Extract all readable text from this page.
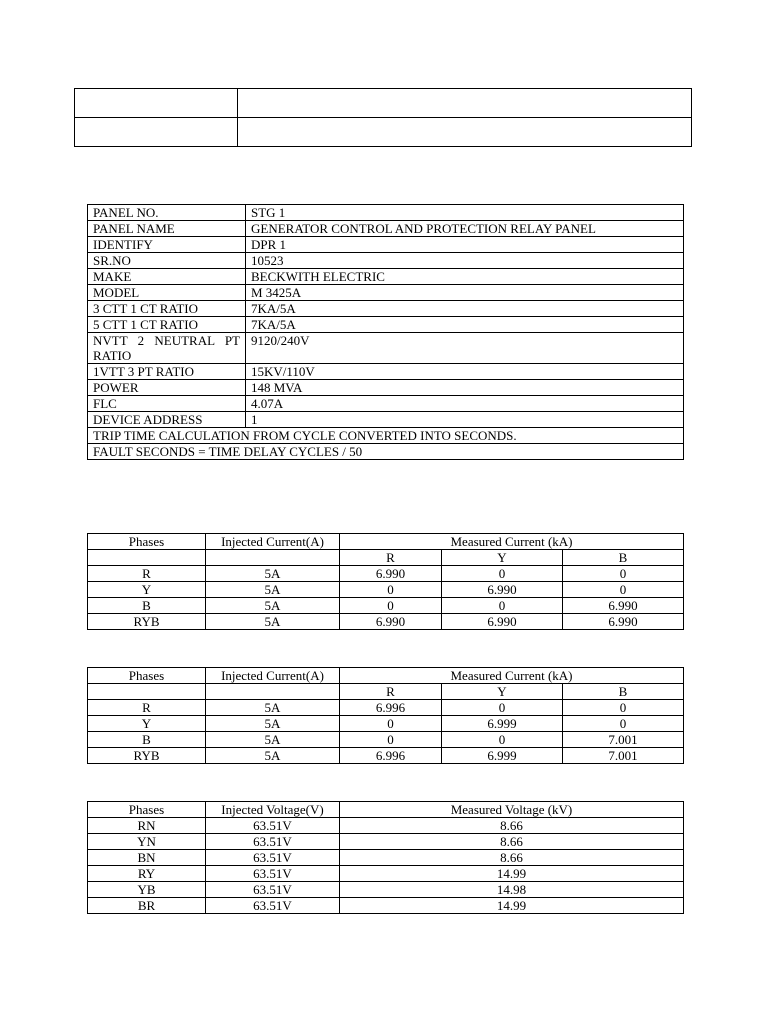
PANEL NO.	STG 1
PANEL NAME	GENERATOR CONTROL AND PROTECTION RELAY PANEL
IDENTIFY	DPR 1
SR.NO	10523
MAKE	BECKWITH ELECTRIC
MODEL	M 3425A
3 CTT 1 CT RATIO	7KA/5A
5 CTT 1 CT RATIO	7KA/5A
NVTT 2 NEUTRAL PT RATIO	9120/240V
1VTT 3 PT RATIO	15KV/110V
POWER	148 MVA
FLC	4.07A
DEVICE ADDRESS	1
TRIP TIME CALCULATION FROM CYCLE CONVERTED INTO SECONDS.	
FAULT SECONDS = TIME DELAY CYCLES / 50	
Phases	Injected Current(A)	Measured Current (kA)		
		R	Y	B
R	5A	6.990	0	0
Y	5A	0	6.990	0
B	5A	0	0	6.990
RYB	5A	6.990	6.990	6.990
Phases	Injected Current(A)	Measured Current (kA)		
		R	Y	B
R	5A	6.996	0	0
Y	5A	0	6.999	0
B	5A	0	0	7.001
RYB	5A	6.996	6.999	7.001
Phases	Injected Voltage(V)	Measured Voltage (kV)
RN	63.51V	8.66
YN	63.51V	8.66
BN	63.51V	8.66
RY	63.51V	14.99
YB	63.51V	14.98
BR	63.51V	14.99
